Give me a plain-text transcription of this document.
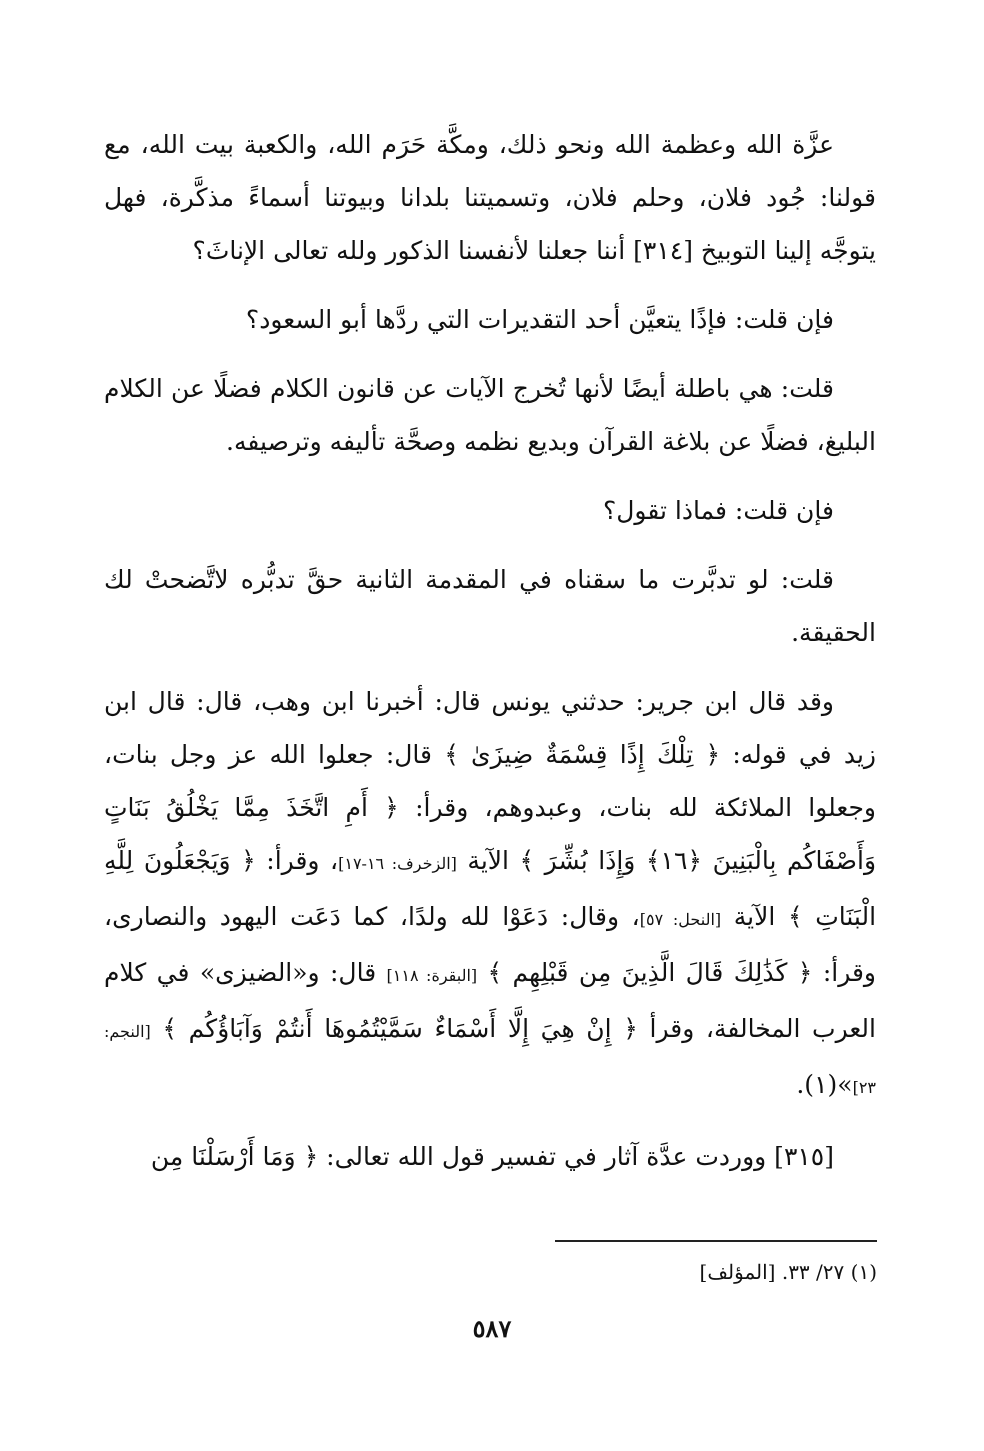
عزَّة الله وعظمة الله ونحو ذلك، ومكَّة حَرَم الله، والكعبة بيت الله، مع قولنا: جُود فلان، وحلم فلان، وتسميتنا بلدانا وبيوتنا أسماءً مذكَّرة، فهل يتوجَّه إلينا التوبيخ [٣١٤] أننا جعلنا لأنفسنا الذكور ولله تعالى الإناثَ؟

فإن قلت: فإذًا يتعيَّن أحد التقديرات التي ردَّها أبو السعود؟

قلت: هي باطلة أيضًا لأنها تُخرج الآيات عن قانون الكلام فضلًا عن الكلام البليغ، فضلًا عن بلاغة القرآن وبديع نظمه وصحَّة تأليفه وترصيفه.

فإن قلت: فماذا تقول؟

قلت: لو تدبَّرت ما سقناه في المقدمة الثانية حقَّ تدبُّره لاتَّضحتْ لك الحقيقة.

وقد قال ابن جرير: حدثني يونس قال: أخبرنا ابن وهب، قال: قال ابن زيد في قوله: ﴿ تِلْكَ إِذًا قِسْمَةٌ ضِيزَىٰ ﴾ قال: جعلوا الله عز وجل بنات، وجعلوا الملائكة لله بنات، وعبدوهم، وقرأ: ﴿ أَمِ اتَّخَذَ مِمَّا يَخْلُقُ بَنَاتٍ وَأَصْفَاكُم بِالْبَنِينَ ﴿١٦﴾ وَإِذَا بُشِّرَ ﴾ الآية [الزخرف: ١٦-١٧]، وقرأ: ﴿ وَيَجْعَلُونَ لِلَّهِ الْبَنَاتِ ﴾ الآية [النحل: ٥٧]، وقال: دَعَوْا لله ولدًا، كما دَعَت اليهود والنصارى، وقرأ: ﴿ كَذَٰلِكَ قَالَ الَّذِينَ مِن قَبْلِهِم ﴾ [البقرة: ١١٨] قال: و«الضيزى» في كلام العرب المخالفة، وقرأ ﴿ إِنْ هِيَ إِلَّا أَسْمَاءٌ سَمَّيْتُمُوهَا أَنتُمْ وَآبَاؤُكُم ﴾ [النجم: ٢٣]»(١).

[٣١٥] ووردت عدَّة آثار في تفسير قول الله تعالى: ﴿ وَمَا أَرْسَلْنَا مِن

(١) ٢٧/ ٣٣. [المؤلف]
٥٨٧
